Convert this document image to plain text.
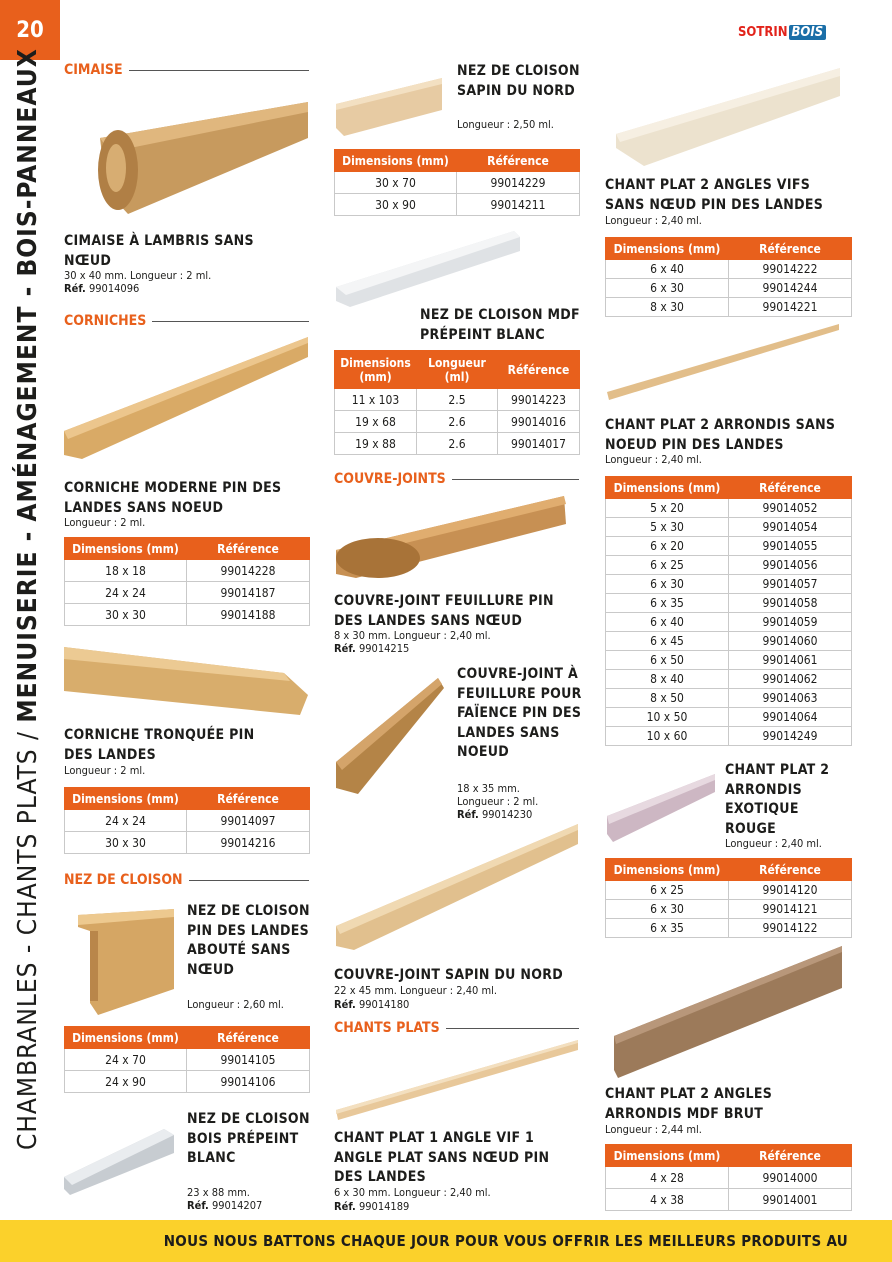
20	SOTRIN BOIS
CHAMBRANLES - CHANTS PLATS /

MENUISERIE - AMÉNAGEMENT - BOIS-PANNEAUX CIMAISE
CIMAISE À LAMBRIS SANS NŒUD
30 x 40 mm. Longueur : 2 ml.
Réf. 99014096
CORNICHES
CORNICHE MODERNE PIN DES LANDES SANS NOEUD
Longueur : 2 ml.
Dimensions (mm)	Référence
18 x 18	99014228
24 x 24	99014187
30 x 30	99014188
CORNICHE TRONQUÉE PIN DES LANDES
Longueur : 2 ml.
Dimensions (mm)	Référence
24 x 24	99014097
30 x 30	99014216
NEZ DE CLOISON
NEZ DE CLOISON PIN DES LANDES ABOUTÉ SANS NŒUD
Longueur : 2,60 ml.
Dimensions (mm)	Référence
24 x 70	99014105
24 x 90	99014106
NEZ DE CLOISON BOIS PRÉPEINT BLANC
23 x 88 mm.
Réf. 99014207
NEZ DE CLOISON SAPIN DU NORD
Longueur : 2,50 ml.
Dimensions (mm)	Référence
30 x 70	99014229
30 x 90	99014211
NEZ DE CLOISON MDF PRÉPEINT BLANC
Dimensions (mm)	Longueur (ml)	Référence
11 x 103	2.5	99014223
19 x 68	2.6	99014016
19 x 88	2.6	99014017
COUVRE-JOINTS
COUVRE-JOINT FEUILLURE PIN DES LANDES SANS NŒUD
8 x 30 mm. Longueur : 2,40 ml.
Réf. 99014215
COUVRE-JOINT À FEUILLURE POUR FAÏENCE PIN DES LANDES SANS NOEUD
18 x 35 mm.
Longueur : 2 ml.
Réf. 99014230
COUVRE-JOINT SAPIN DU NORD
22 x 45 mm. Longueur : 2,40 ml.
Réf. 99014180
CHANTS PLATS
CHANT PLAT 1 ANGLE VIF 1 ANGLE PLAT SANS NŒUD PIN DES LANDES
6 x 30 mm. Longueur : 2,40 ml.
Réf. 99014189
CHANT PLAT 2 ANGLES VIFS SANS NŒUD PIN DES LANDES
Longueur : 2,40 ml.
Dimensions (mm)	Référence
6 x 40	99014222
6 x 30	99014244
8 x 30	99014221
CHANT PLAT 2 ARRONDIS SANS NOEUD PIN DES LANDES
Longueur : 2,40 ml.
Dimensions (mm)	Référence
5 x 20	99014052
5 x 30	99014054
6 x 20	99014055
6 x 25	99014056
6 x 30	99014057
6 x 35	99014058
6 x 40	99014059
6 x 45	99014060
6 x 50	99014061
8 x 40	99014062
8 x 50	99014063
10 x 50	99014064
10 x 60	99014249
CHANT PLAT 2 ARRONDIS EXOTIQUE ROUGE
Longueur : 2,40 ml.
Dimensions (mm)	Référence
6 x 25	99014120
6 x 30	99014121
6 x 35	99014122
CHANT PLAT 2 ANGLES ARRONDIS MDF BRUT
Longueur : 2,44 ml.
Dimensions (mm)	Référence
4 x 28	99014000
4 x 38	99014001
NOUS NOUS BATTONS CHAQUE JOUR POUR VOUS OFFRIR LES MEILLEURS PRODUITS AU
